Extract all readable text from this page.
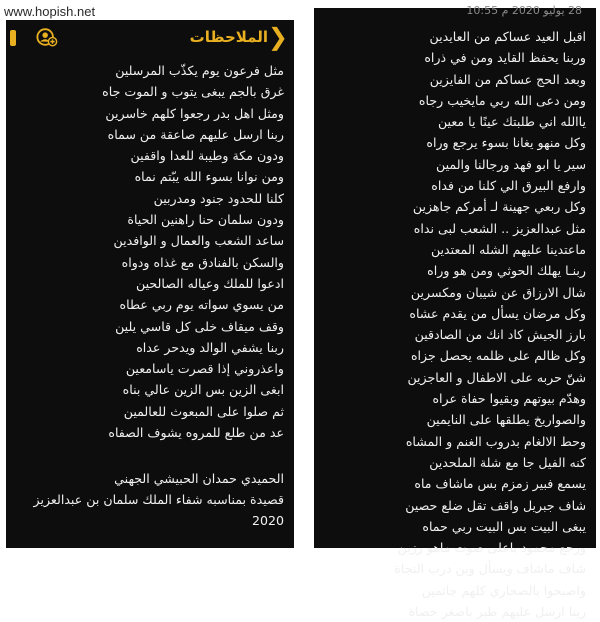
www.hopish.net
الملاحظات ❯
مثل فرعون يوم يكذّب المرسلين
غرق بالجم يبغى يتوب و الموت جاه
ومثل اهل بدر رجعوا كلهم خاسرين
ربنا ارسل عليهم صاعقة من سماه
ودون مكة وطيبة للعدا واقفين
ومن نوانا بسوء الله يبّتم نماه
كلنا للحدود جنود ومدربين
ودون سلمان حنا راهنين الحياة
ساعد الشعب والعمال و الوافدين
والسكن بالفنادق مع غذاه ودواه
ادعوا للملك وعياله الصالحين
من يسوي سواته يوم ربي عطاه
وقف ميقاف خلى كل قاسي يلين
ربنا يشفي الوالد ويدحر عداه
واعذروني إذا قصرت ياسامعين
ابغى الزين بس الزين عالي بناه
ثم صلوا على المبعوث للعالمين
عد من طلع للمروه يشوف الصفاه
الحميدي حمدان الحبيشي الجهني
قصيدة بمناسبه شفاء الملك سلمان بن عبدالعزيز
2020
28 يوليو 2020 م 10:55
اقبل العيد عساكم من العايدين
وربنا يحفظ القايد ومن في ذراه
وبعد الحج عساكم من الفايزين
ومن دعى الله ربي مايخيب رجاه
ياالله اني طلبتك عينًا يا معين
وكل منهو يغانا بسوء يرجع وراه
سير يا ابو فهد ورجالنا والمين
وارفع البيرق الي كلنا من فداه
وكل ربعي جهينة لـ أمركم جاهزين
مثل عبدالعزيز .. الشعب لبى نداه
ماعتدينا عليهم الشله المعتدين
ربنـا يهلك الحوثي ومن هو وراه
شال الارزاق عن شيبان ومكسرين
وكل مرضان يسأل من يقدم عشاه
بارز الجيش كاد انك من الصادقين
وكل ظالم على ظلمه يحصل جزاه
شنّ حربه على الاطفال و العاجزين
وهدّم بيوتهم وبقيوا حفاة عراه
والصواريخ يطلقها على النايمين
وحط الالغام بدروب الغنم و المشاه
كنه الفيل جا مع شلة الملحدين
يسمع فبير زمزم بس ماشاف ماه
شاف جبريل واقف تقل ضلع حصين
يبغى البيت بس البيت ربي حماه
ورجع محمود باعلى صوت ماهو رزين
شاف ماشاف ويسأل وين درب النجاة
واصبحوا بالصحاري كلهم جاثمين
ربنا ارسل عليهم طير باصغر حصاة
